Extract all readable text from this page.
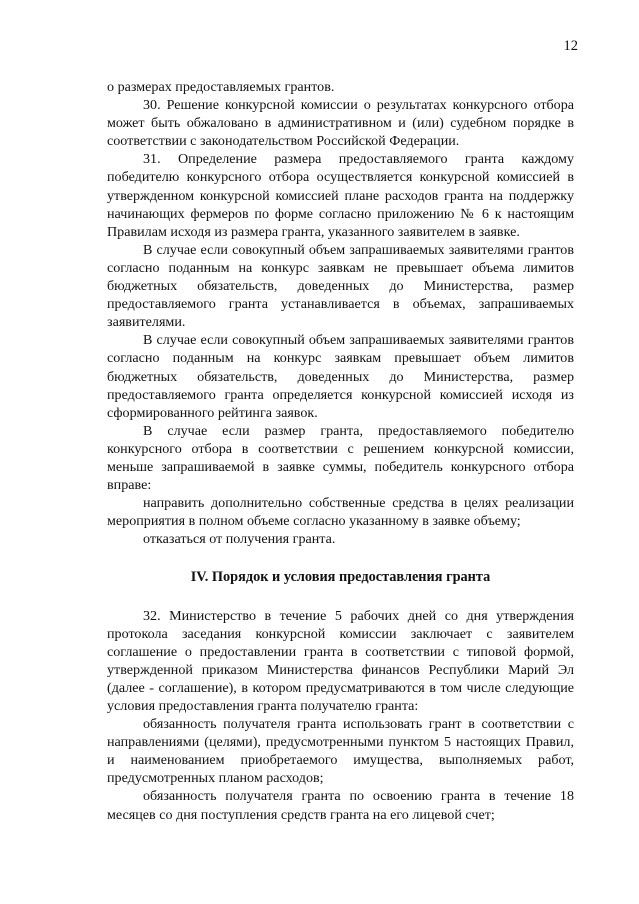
12

о размерах предоставляемых грантов.

30. Решение конкурсной комиссии о результатах конкурсного отбора может быть обжаловано в административном и (или) судебном порядке в соответствии с законодательством Российской Федерации.

31. Определение размера предоставляемого гранта каждому победителю конкурсного отбора осуществляется конкурсной комиссией в утвержденном конкурсной комиссией плане расходов гранта на поддержку начинающих фермеров по форме согласно приложению № 6 к настоящим Правилам исходя из размера гранта, указанного заявителем в заявке.

В случае если совокупный объем запрашиваемых заявителями грантов согласно поданным на конкурс заявкам не превышает объема лимитов бюджетных обязательств, доведенных до Министерства, размер предоставляемого гранта устанавливается в объемах, запрашиваемых заявителями.

В случае если совокупный объем запрашиваемых заявителями грантов согласно поданным на конкурс заявкам превышает объем лимитов бюджетных обязательств, доведенных до Министерства, размер предоставляемого гранта определяется конкурсной комиссией исходя из сформированного рейтинга заявок.

В случае если размер гранта, предоставляемого победителю конкурсного отбора в соответствии с решением конкурсной комиссии, меньше запрашиваемой в заявке суммы, победитель конкурсного отбора вправе:

направить дополнительно собственные средства в целях реализации мероприятия в полном объеме согласно указанному в заявке объему;

отказаться от получения гранта.

IV. Порядок и условия предоставления гранта

32. Министерство в течение 5 рабочих дней со дня утверждения протокола заседания конкурсной комиссии заключает с заявителем соглашение о предоставлении гранта в соответствии с типовой формой, утвержденной приказом Министерства финансов Республики Марий Эл (далее - соглашение), в котором предусматриваются в том числе следующие условия предоставления гранта получателю гранта:

обязанность получателя гранта использовать грант в соответствии с направлениями (целями), предусмотренными пунктом 5 настоящих Правил, и наименованием приобретаемого имущества, выполняемых работ, предусмотренных планом расходов;

обязанность получателя гранта по освоению гранта в течение 18 месяцев со дня поступления средств гранта на его лицевой счет;
